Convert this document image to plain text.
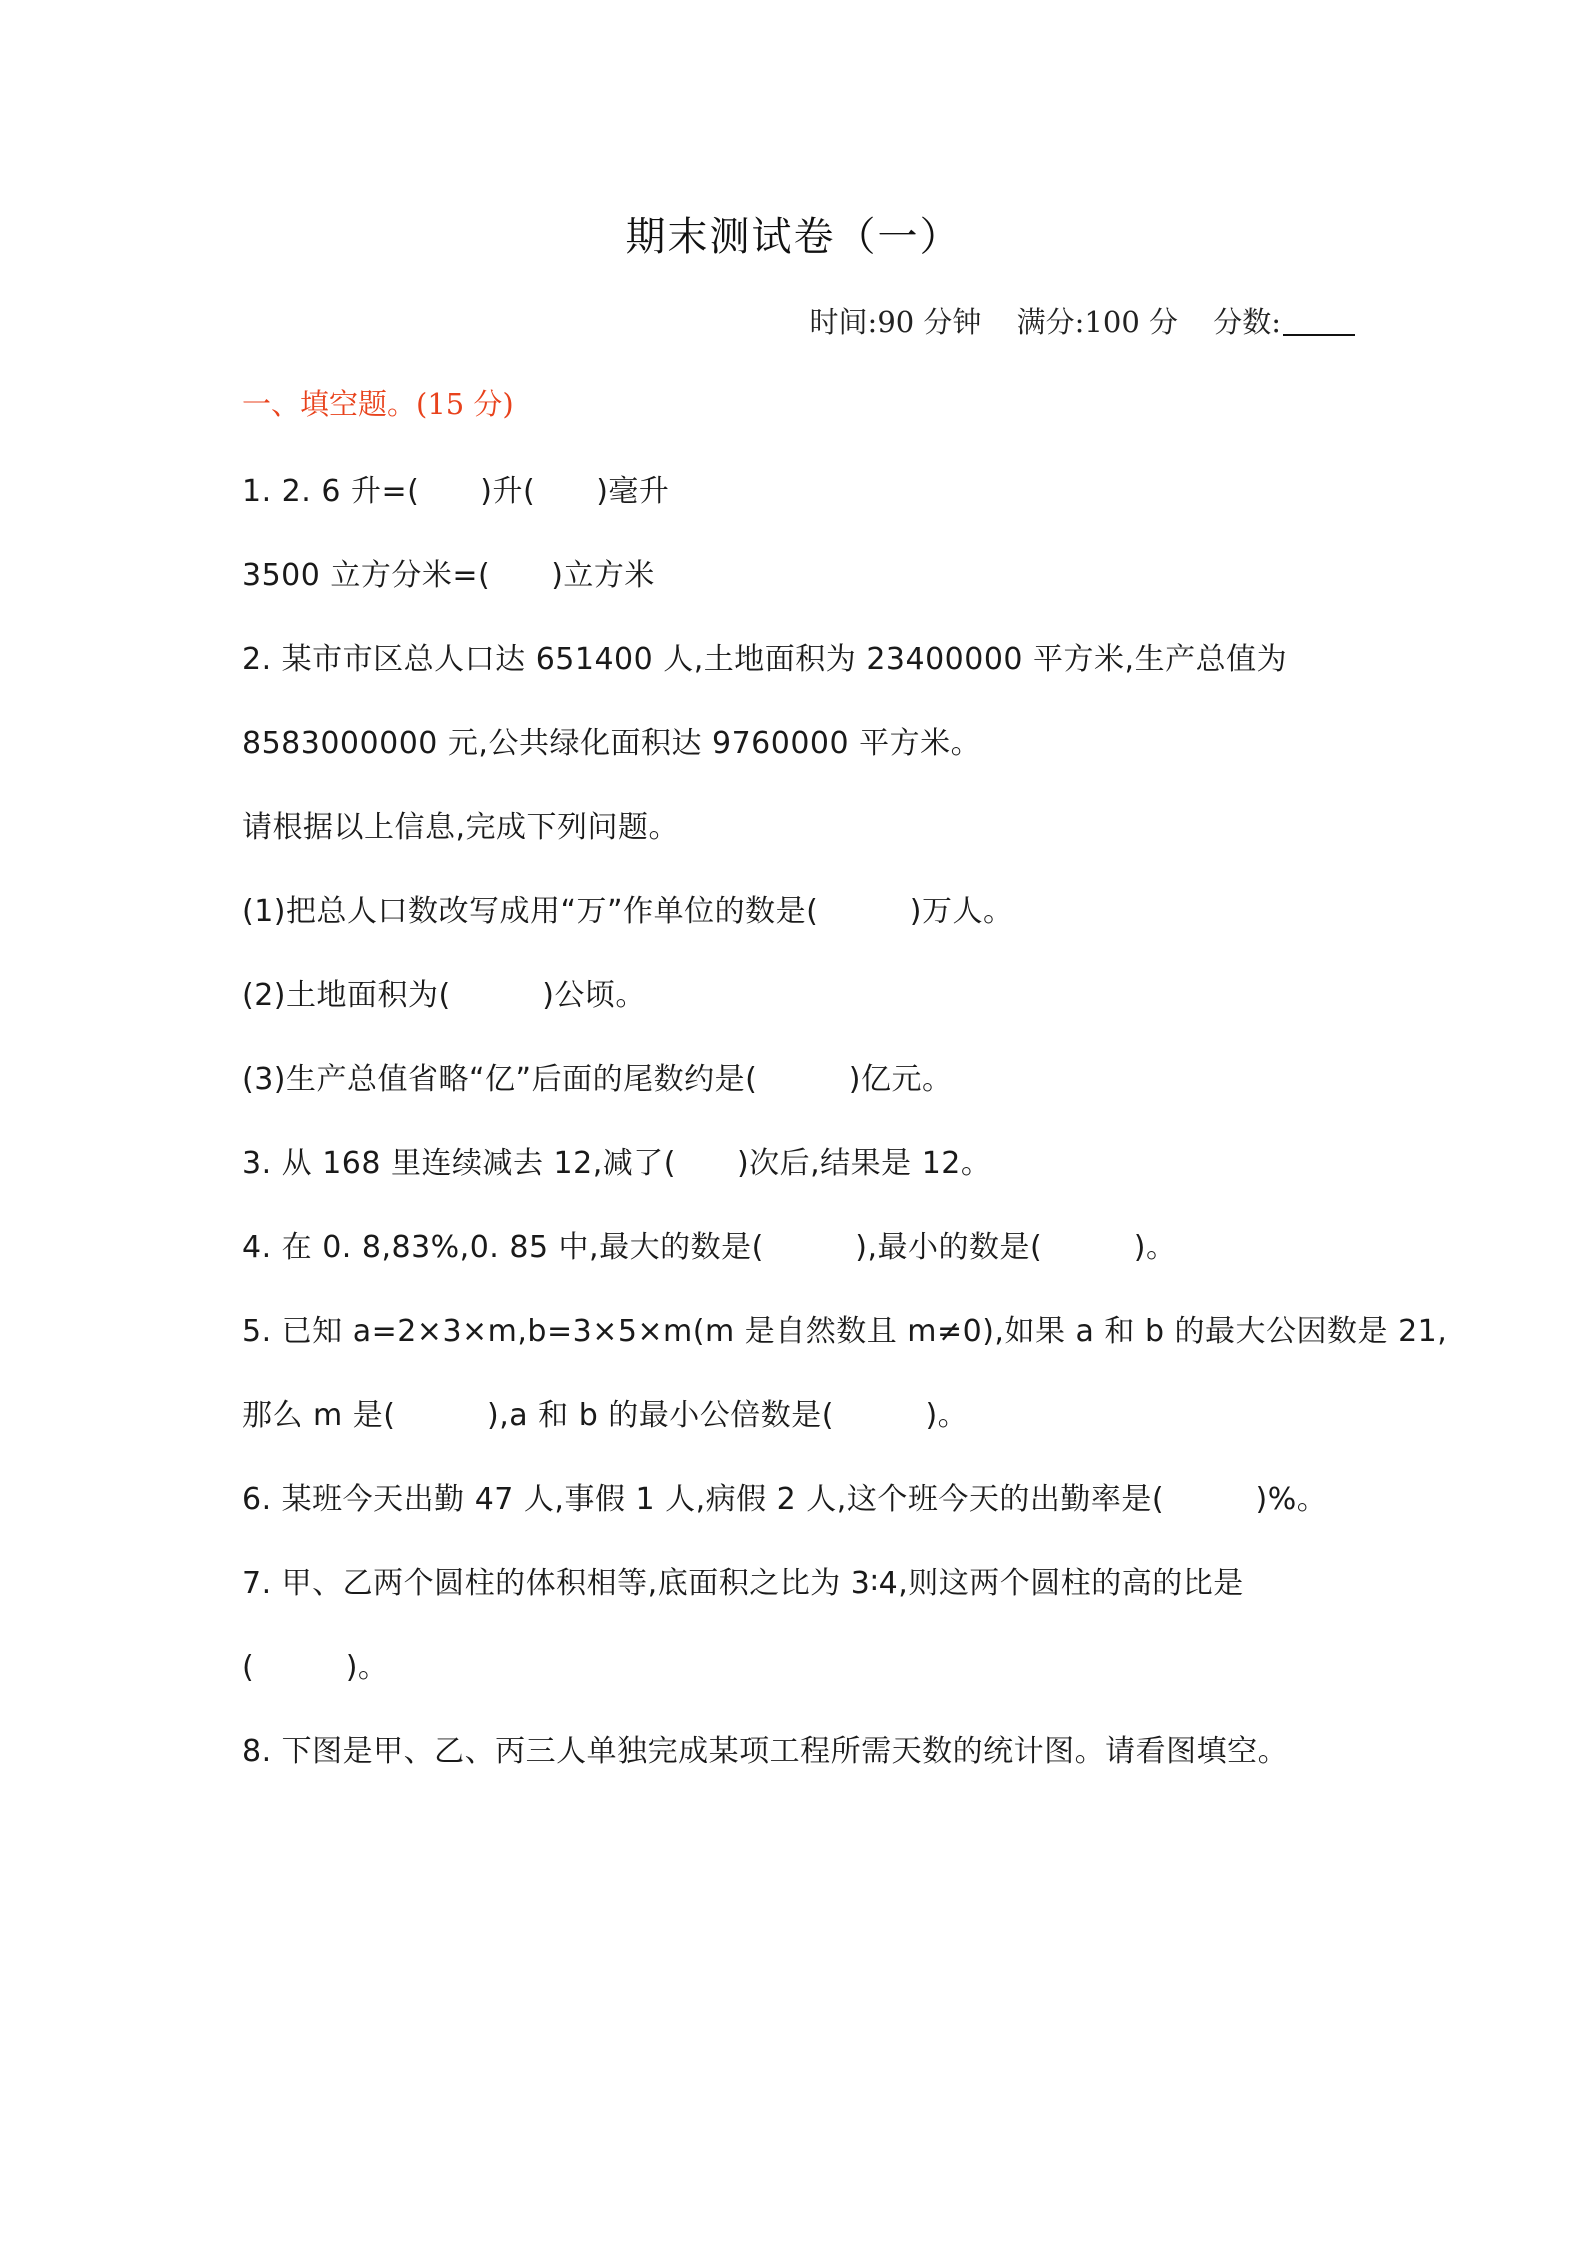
期末测试卷（一）
时间:90 分钟 满分:100 分 分数:
一、填空题。(15 分)
1. 2. 6 升=(　　)升(　　)毫升
3500 立方分米=(　　)立方米
2. 某市市区总人口达 651400 人,土地面积为 23400000 平方米,生产总值为
8583000000 元,公共绿化面积达 9760000 平方米。
请根据以上信息,完成下列问题。
(1)把总人口数改写成用“万”作单位的数是(　　　)万人。
(2)土地面积为(　　　)公顷。
(3)生产总值省略“亿”后面的尾数约是(　　　)亿元。
3. 从 168 里连续减去 12,减了(　　)次后,结果是 12。
4. 在 0. 8,83%,0. 85 中,最大的数是(　　　),最小的数是(　　　)。
5. 已知 a=2×3×m,b=3×5×m(m 是自然数且 m≠0),如果 a 和 b 的最大公因数是 21,
那么 m 是(　　　),a 和 b 的最小公倍数是(　　　)。
6. 某班今天出勤 47 人,事假 1 人,病假 2 人,这个班今天的出勤率是(　　　)%。
7. 甲、乙两个圆柱的体积相等,底面积之比为 3∶4,则这两个圆柱的高的比是
(　　　)。
8. 下图是甲、乙、丙三人单独完成某项工程所需天数的统计图。请看图填空。
